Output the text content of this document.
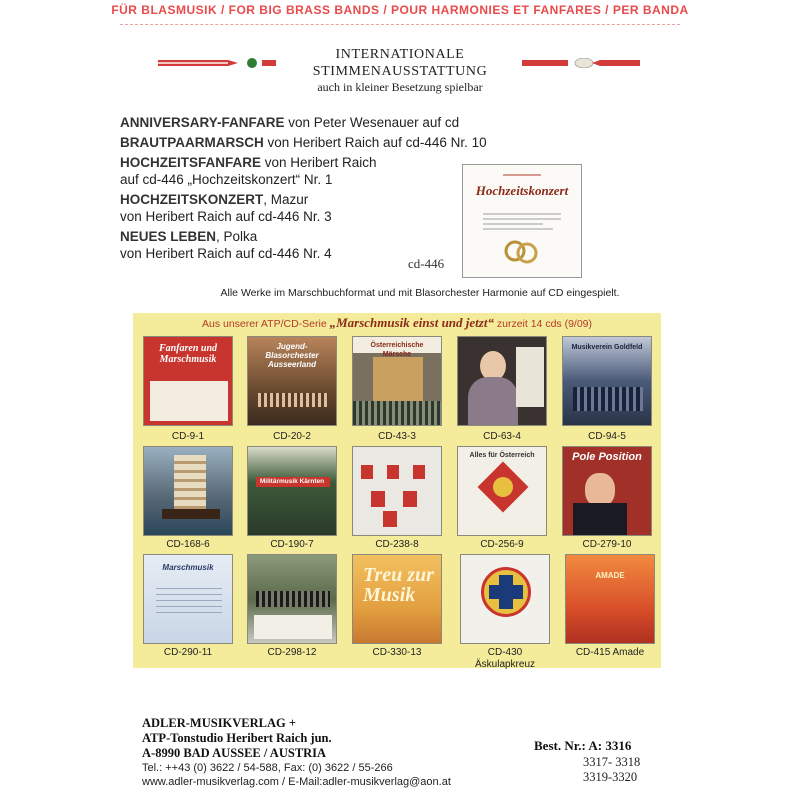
FÜR BLASMUSIK / FOR BIG BRASS BANDS / POUR HARMONIES ET FANFARES / PER BANDA
INTERNATIONALE
STIMMENAUSSTATTUNG
auch in kleiner Besetzung spielbar
ANNIVERSARY-FANFARE von Peter Wesenauer auf cd
BRAUTPAARMARSCH von Heribert Raich auf cd-446 Nr. 10
HOCHZEITSFANFARE von Heribert Raich
auf cd-446 „Hochzeitskonzert“ Nr. 1
HOCHZEITSKONZERT, Mazur
von Heribert Raich auf cd-446 Nr. 3
NEUES LEBEN, Polka
von Heribert Raich auf cd-446 Nr. 4
Hochzeitskonzert
cd-446
Alle Werke im Marschbuchformat und mit Blasorchester Harmonie auf CD eingespielt.
Aus unserer ATP/CD-Serie „Marschmusik einst und jetzt“ zurzeit 14 cds (9/09)
Fanfaren und Marschmusik
Jugend-Blasorchester Ausseerland
Österreichische Märsche
Musikverein Goldfeld
CD-9-1	CD-20-2	CD-43-3	CD-63-4	CD-94-5
Militärmusik Kärnten
Alles für Österreich	Pole Position
CD-168-6	CD-190-7	CD-238-8	CD-256-9	CD-279-10
Marschmusik	Treu zur Musik
AMADE
CD-290-11	CD-298-12	CD-330-13	CD-430
Äskulapkreuz
CD-415 Amade
ADLER-MUSIKVERLAG +
ATP-Tonstudio Heribert Raich jun.
A-8990 BAD AUSSEE / AUSTRIA
Tel.: ++43 (0) 3622 / 54-588, Fax: (0) 3622 / 55-266
www.adler-musikverlag.com / E-Mail:adler-musikverlag@aon.at
Best. Nr.: A: 3316
3317- 3318
3319-3320
